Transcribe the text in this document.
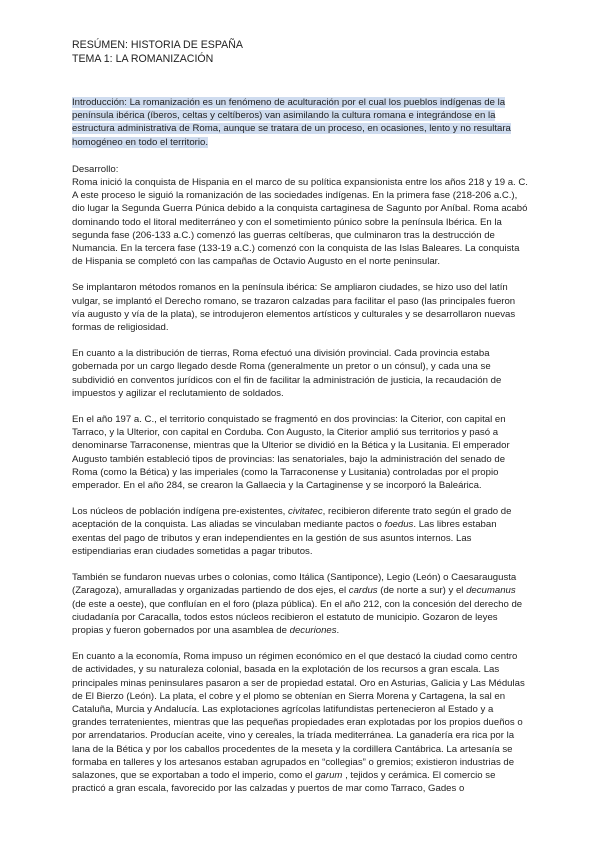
RESÚMEN: HISTORIA DE ESPAÑA

TEMA 1: LA ROMANIZACIÓN

Introducción: La romanización es un fenómeno de aculturación por el cual los pueblos indígenas de la península ibérica (íberos, celtas y celtíberos) van asimilando la cultura romana e integrándose en la estructura administrativa de Roma, aunque se tratara de un proceso, en ocasiones, lento y no resultara homogéneo en todo el territorio.
Desarrollo:

Roma inició la conquista de Hispania en el marco de su política expansionista entre los años 218 y 19 a. C. A este proceso le siguió la romanización de las sociedades indígenas. En la primera fase (218-206 a.C.), dio lugar la Segunda Guerra Púnica debido a la conquista cartaginesa de Sagunto por Aníbal. Roma acabó dominando todo el litoral mediterráneo y con el sometimiento púnico sobre la península Ibérica. En la segunda fase (206-133 a.C.) comenzó las guerras celtíberas, que culminaron tras la destrucción de Numancia. En la tercera fase (133-19 a.C.) comenzó con la conquista de las Islas Baleares. La conquista de Hispania se completó con las campañas de Octavio Augusto en el norte peninsular.

Se implantaron métodos romanos en la península ibérica: Se ampliaron ciudades, se hizo uso del latín vulgar, se implantó el Derecho romano, se trazaron calzadas para facilitar el paso (las principales fueron vía augusto y vía de la plata), se introdujeron elementos artísticos y culturales y se desarrollaron nuevas formas de religiosidad.

En cuanto a la distribución de tierras, Roma efectuó una división provincial. Cada provincia estaba gobernada por un cargo llegado desde Roma (generalmente un pretor o un cónsul), y cada una se subdividió en conventos jurídicos con el fin de facilitar la administración de justicia, la recaudación de impuestos y agilizar el reclutamiento de soldados.

En el año 197 a. C., el territorio conquistado se fragmentó en dos provincias: la Citerior, con capital en Tarraco, y la Ulterior, con capital en Corduba. Con Augusto, la Citerior amplió sus territorios y pasó a denominarse Tarraconense, mientras que la Ulterior se dividió en la Bética y la Lusitania. El emperador Augusto también estableció tipos de provincias: las senatoriales, bajo la administración del senado de Roma (como la Bética) y las imperiales (como la Tarraconense y Lusitania) controladas por el propio emperador. En el año 284, se crearon la Gallaecia y la Cartaginense y se incorporó la Baleárica.

Los núcleos de población indígena pre-existentes, civitatec, recibieron diferente trato según el grado de aceptación de la conquista. Las aliadas se vinculaban mediante pactos o foedus. Las libres estaban exentas del pago de tributos y eran independientes en la gestión de sus asuntos internos. Las estipendiarias eran ciudades sometidas a pagar tributos.

También se fundaron nuevas urbes o colonias, como Itálica (Santiponce), Legio (León) o Caesaraugusta (Zaragoza), amuralladas y organizadas partiendo de dos ejes, el cardus (de norte a sur) y el decumanus (de este a oeste), que confluían en el foro (plaza pública). En el año 212, con la concesión del derecho de ciudadanía por Caracalla, todos estos núcleos recibieron el estatuto de municipio. Gozaron de leyes propias y fueron gobernados por una asamblea de decuriones.

En cuanto a la economía, Roma impuso un régimen económico en el que destacó la ciudad como centro de actividades, y su naturaleza colonial, basada en la explotación de los recursos a gran escala. Las principales minas peninsulares pasaron a ser de propiedad estatal. Oro en Asturias, Galicia y Las Médulas de El Bierzo (León). La plata, el cobre y el plomo se obtenían en Sierra Morena y Cartagena, la sal en Cataluña, Murcia y Andalucía. Las explotaciones agrícolas latifundistas pertenecieron al Estado y a grandes terratenientes, mientras que las pequeñas propiedades eran explotadas por los propios dueños o por arrendatarios. Producían aceite, vino y cereales, la tríada mediterránea. La ganadería era rica por la lana de la Bética y por los caballos procedentes de la meseta y la cordillera Cantábrica. La artesanía se formaba en talleres y los artesanos estaban agrupados en “collegias” o gremios; existieron industrias de salazones, que se exportaban a todo el imperio, como el garum , tejidos y cerámica. El comercio se practicó a gran escala, favorecido por las calzadas y puertos de mar como Tarraco, Gades o
